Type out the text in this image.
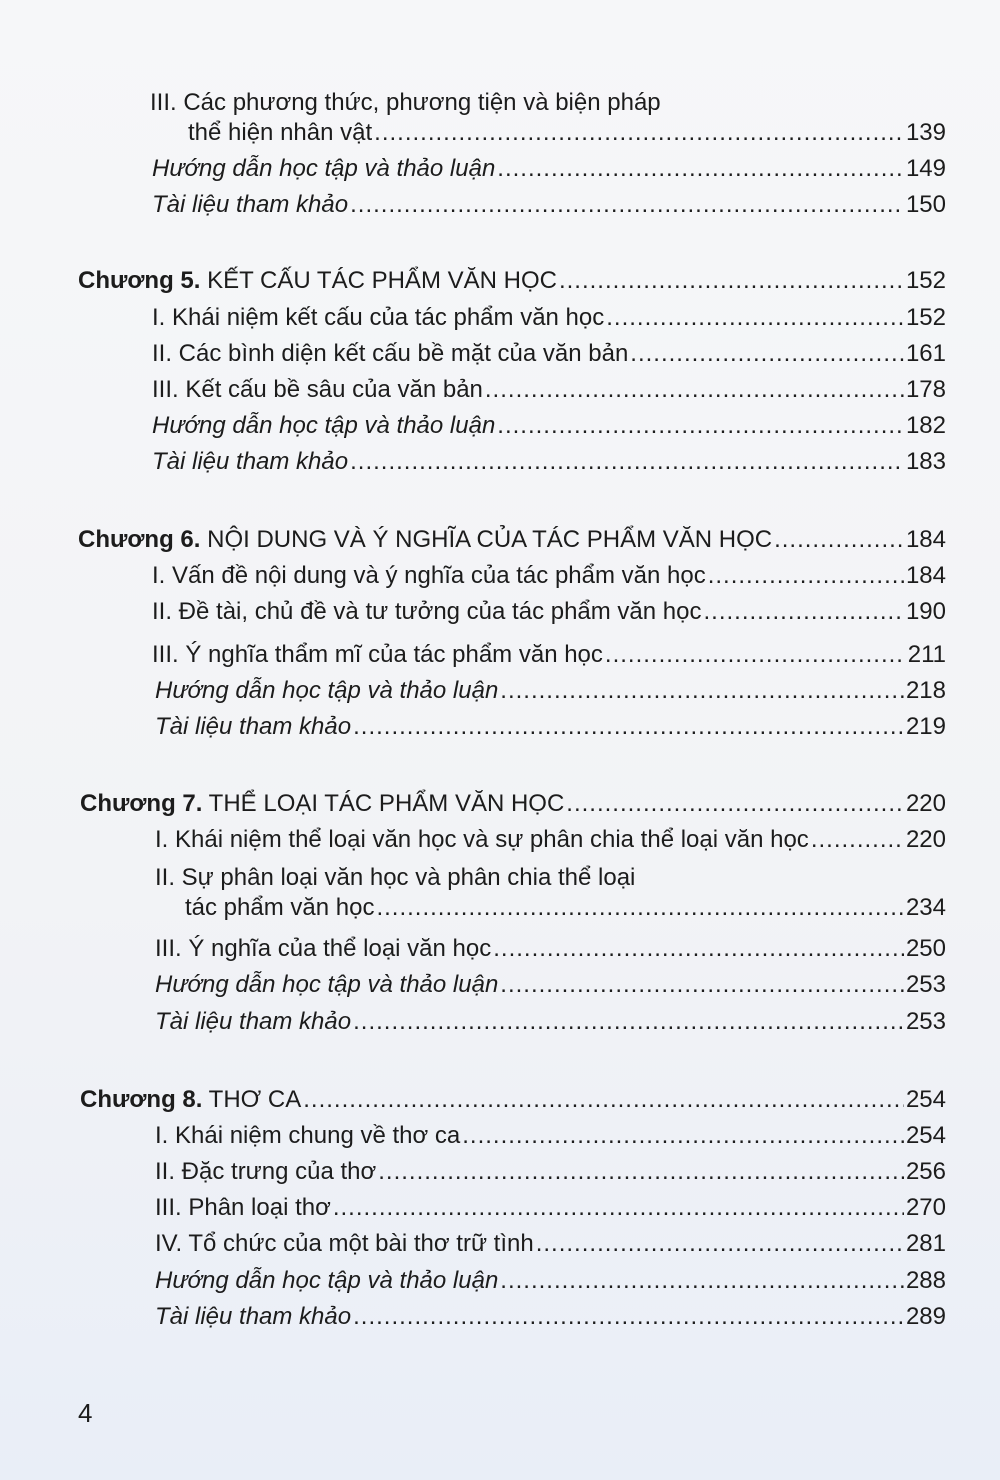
III. Các phương thức, phương tiện và biện pháp
thể hiện nhân vật .....	139
Hướng dẫn học tập và thảo luận .....	149
Tài liệu tham khảo .....	150
Chương 5. KẾT CẤU TÁC PHẨM VĂN HỌC .....	152
I. Khái niệm kết cấu của tác phẩm văn học .....	152
II. Các bình diện kết cấu bề mặt của văn bản .....	161
III. Kết cấu bề sâu của văn bản .....	178
Hướng dẫn học tập và thảo luận .....	182
Tài liệu tham khảo .....	183
Chương 6. NỘI DUNG VÀ Ý NGHĨA CỦA TÁC PHẨM VĂN HỌC .....	184
I. Vấn đề nội dung và ý nghĩa của tác phẩm văn học .....	184
II. Đề tài, chủ đề và tư tưởng của tác phẩm văn học .....	190
III. Ý nghĩa thẩm mĩ của tác phẩm văn học .....	211
Hướng dẫn học tập và thảo luận .....	218
Tài liệu tham khảo .....	219
Chương 7. THỂ LOẠI TÁC PHẨM VĂN HỌC .....	220
I. Khái niệm thể loại văn học và sự phân chia thể loại văn học .....	220
II. Sự phân loại văn học và phân chia thể loại
tác phẩm văn học .....	234
III. Ý nghĩa của thể loại văn học .....	250
Hướng dẫn học tập và thảo luận .....	253
Tài liệu tham khảo .....	253
Chương 8. THƠ CA .....	254
I. Khái niệm chung về thơ ca .....	254
II. Đặc trưng của thơ .....	256
III. Phân loại thơ .....	270
IV. Tổ chức của một bài thơ trữ tình .....	281
Hướng dẫn học tập và thảo luận .....	288
Tài liệu tham khảo .....	289
4
